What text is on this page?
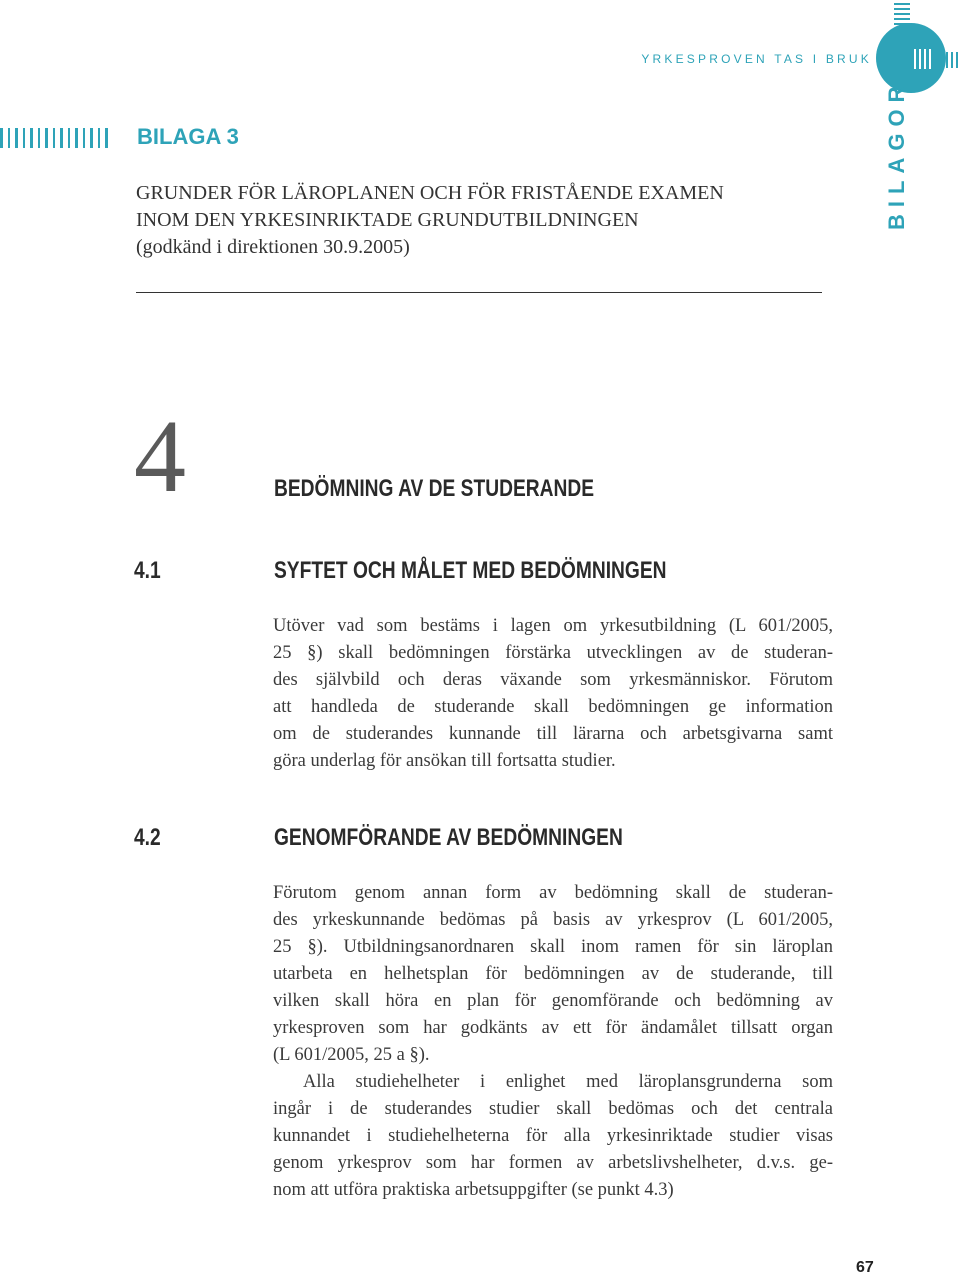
YRKESPROVEN TAS I BRUK
BILAGOR
BILAGA 3
GRUNDER FÖR LÄROPLANEN OCH FÖR FRISTÅENDE EXAMEN
INOM DEN YRKESINRIKTADE GRUNDUTBILDNINGEN
(godkänd i direktionen 30.9.2005)
4	BEDÖMNING AV DE STUDERANDE
4.1	SYFTET OCH MÅLET MED BEDÖMNINGEN
Utöver vad som bestäms i lagen om yrkesutbildning (L 601/2005,
25 §) skall bedömningen förstärka utvecklingen av de studeran-
des självbild och deras växande som yrkesmänniskor. Förutom
att handleda de studerande skall bedömningen ge information
om de studerandes kunnande till lärarna och arbetsgivarna samt
göra underlag för ansökan till fortsatta studier.
4.2	GENOMFÖRANDE AV BEDÖMNINGEN
Förutom genom annan form av bedömning skall de studeran-
des yrkeskunnande bedömas på basis av yrkesprov (L 601/2005,
25 §). Utbildningsanordnaren skall inom ramen för sin läroplan
utarbeta en helhetsplan för bedömningen av de studerande, till
vilken skall höra en plan för genomförande och bedömning av
yrkesproven som har godkänts av ett för ändamålet tillsatt organ
(L 601/2005, 25 a §).
Alla studiehelheter i enlighet med läroplansgrunderna som
ingår i de studerandes studier skall bedömas och det centrala
kunnandet i studiehelheterna för alla yrkesinriktade studier visas
genom yrkesprov som har formen av arbetslivshelheter, d.v.s. ge-
nom att utföra praktiska arbetsuppgifter (se punkt 4.3)
67
